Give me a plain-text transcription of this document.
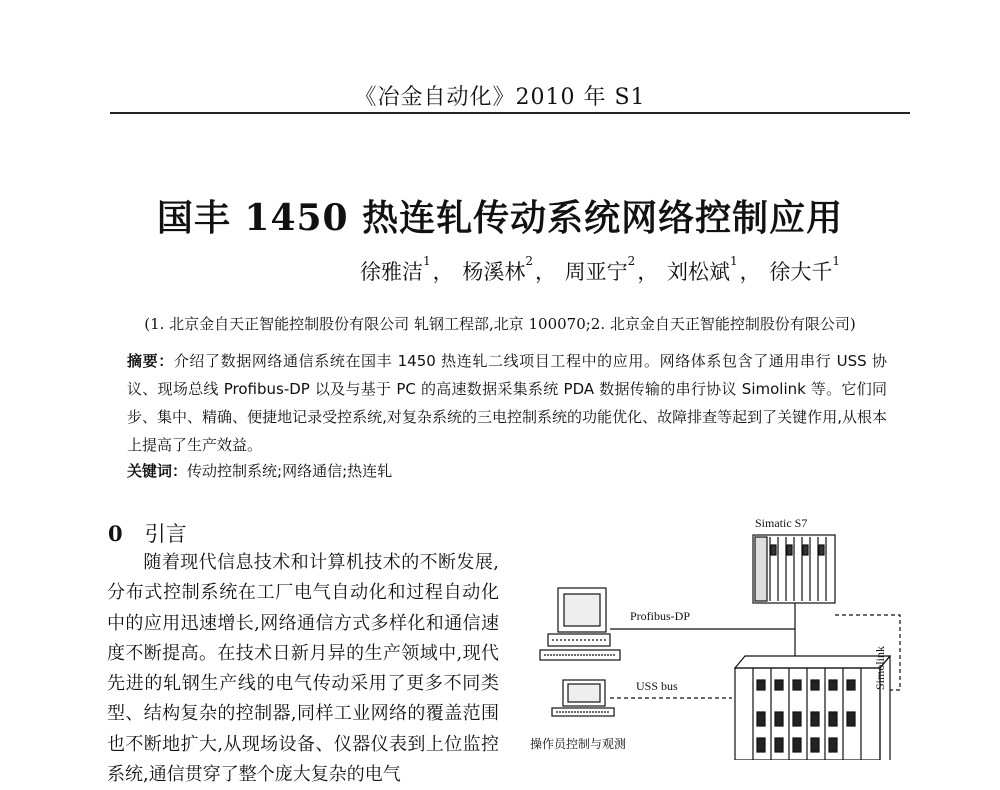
《冶金自动化》2010 年 S1
国丰 1450 热连轧传动系统网络控制应用
徐雅洁$^1$， 杨溪林$^2$， 周亚宁$^2$， 刘松斌$^1$， 徐大千$^1$
(1. 北京金自天正智能控制股份有限公司 轧钢工程部,北京 100070;2. 北京金自天正智能控制股份有限公司)
摘要：介绍了数据网络通信系统在国丰 1450 热连轧二线项目工程中的应用。网络体系包含了通用串行 USS 协议、现场总线 Profibus-DP 以及与基于 PC 的高速数据采集系统 PDA 数据传输的串行协议 Simolink 等。它们同步、集中、精确、便捷地记录受控系统,对复杂系统的三电控制系统的功能优化、故障排查等起到了关键作用,从根本上提高了生产效益。
关键词：传动控制系统;网络通信;热连轧
0 引言
随着现代信息技术和计算机技术的不断发展,分布式控制系统在工厂电气自动化和过程自动化中的应用迅速增长,网络通信方式多样化和通信速度不断提高。在技术日新月异的生产领域中,现代先进的轧钢生产线的电气传动采用了更多不同类型、结构复杂的控制器,同样工业网络的覆盖范围也不断地扩大,从现场设备、仪器仪表到上位监控系统,通信贯穿了整个庞大复杂的电气
Simatic S7
Profibus-DP
Simolink
USS bus
操作员控制与观测
